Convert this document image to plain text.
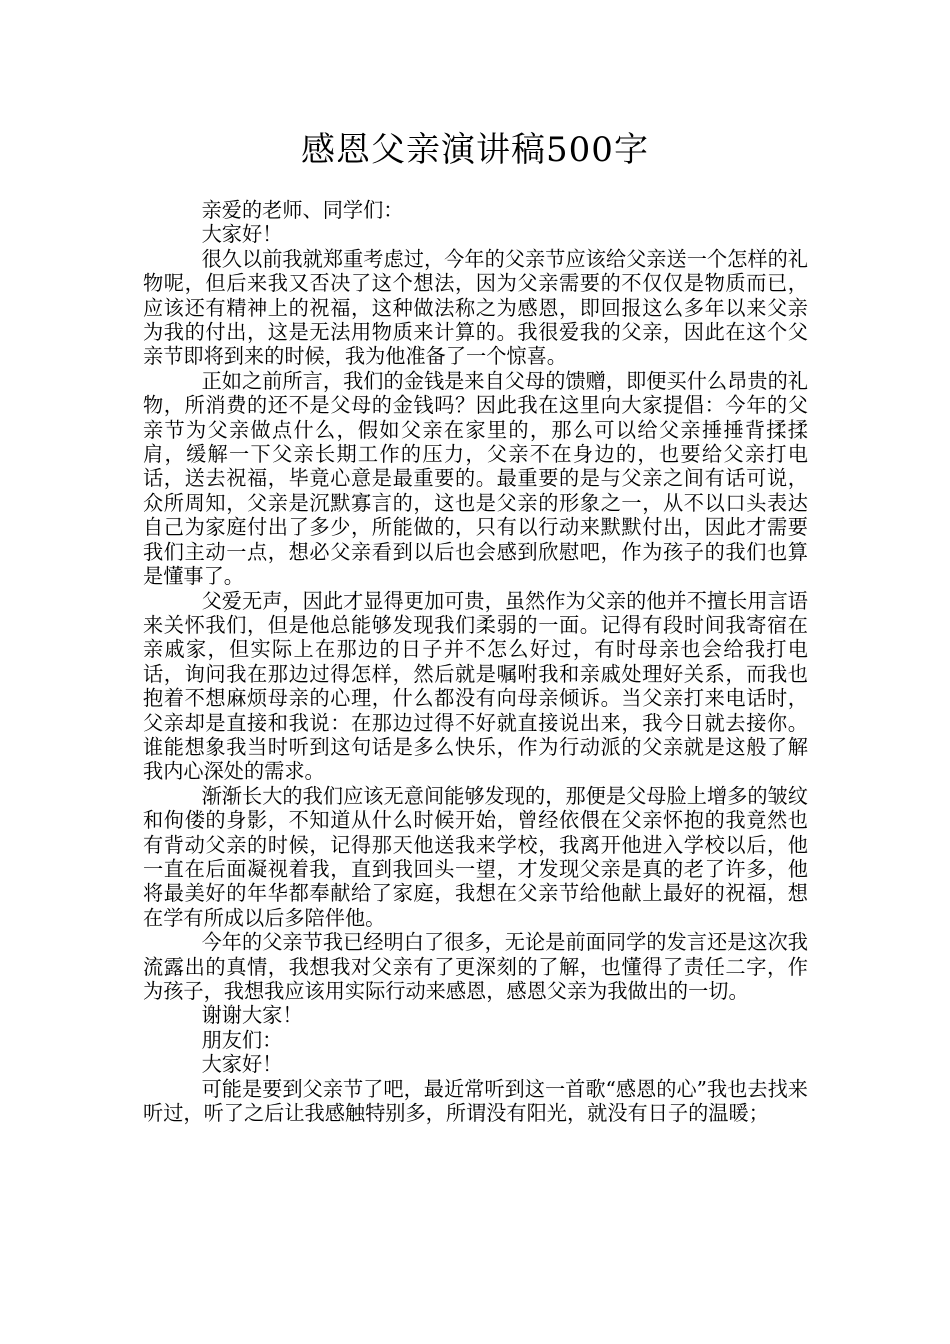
感恩父亲演讲稿500字

亲爱的老师、同学们：

大家好！

很久以前我就郑重考虑过，今年的父亲节应该给父亲送一个怎样的礼物呢，但后来我又否决了这个想法，因为父亲需要的不仅仅是物质而已，应该还有精神上的祝福，这种做法称之为感恩，即回报这么多年以来父亲为我的付出，这是无法用物质来计算的。我很爱我的父亲，因此在这个父亲节即将到来的时候，我为他准备了一个惊喜。

正如之前所言，我们的金钱是来自父母的馈赠，即便买什么昂贵的礼物，所消费的还不是父母的金钱吗？因此我在这里向大家提倡：今年的父亲节为父亲做点什么，假如父亲在家里的，那么可以给父亲捶捶背揉揉肩，缓解一下父亲长期工作的压力，父亲不在身边的，也要给父亲打电话，送去祝福，毕竟心意是最重要的。最重要的是与父亲之间有话可说，众所周知，父亲是沉默寡言的，这也是父亲的形象之一，从不以口头表达自己为家庭付出了多少，所能做的，只有以行动来默默付出，因此才需要我们主动一点，想必父亲看到以后也会感到欣慰吧，作为孩子的我们也算是懂事了。

父爱无声，因此才显得更加可贵，虽然作为父亲的他并不擅长用言语来关怀我们，但是他总能够发现我们柔弱的一面。记得有段时间我寄宿在亲戚家，但实际上在那边的日子并不怎么好过，有时母亲也会给我打电话，询问我在那边过得怎样，然后就是嘱咐我和亲戚处理好关系，而我也抱着不想麻烦母亲的心理，什么都没有向母亲倾诉。当父亲打来电话时，父亲却是直接和我说：在那边过得不好就直接说出来，我今日就去接你。谁能想象我当时听到这句话是多么快乐，作为行动派的父亲就是这般了解我内心深处的需求。

渐渐长大的我们应该无意间能够发现的，那便是父母脸上增多的皱纹和佝偻的身影，不知道从什么时候开始，曾经依偎在父亲怀抱的我竟然也有背动父亲的时候，记得那天他送我来学校，我离开他进入学校以后，他一直在后面凝视着我，直到我回头一望，才发现父亲是真的老了许多，他将最美好的年华都奉献给了家庭，我想在父亲节给他献上最好的祝福，想在学有所成以后多陪伴他。

今年的父亲节我已经明白了很多，无论是前面同学的发言还是这次我流露出的真情，我想我对父亲有了更深刻的了解，也懂得了责任二字，作为孩子，我想我应该用实际行动来感恩，感恩父亲为我做出的一切。

谢谢大家！

朋友们：

大家好！

可能是要到父亲节了吧，最近常听到这一首歌“感恩的心”我也去找来听过，听了之后让我感触特别多，所谓没有阳光，就没有日子的温暖；
